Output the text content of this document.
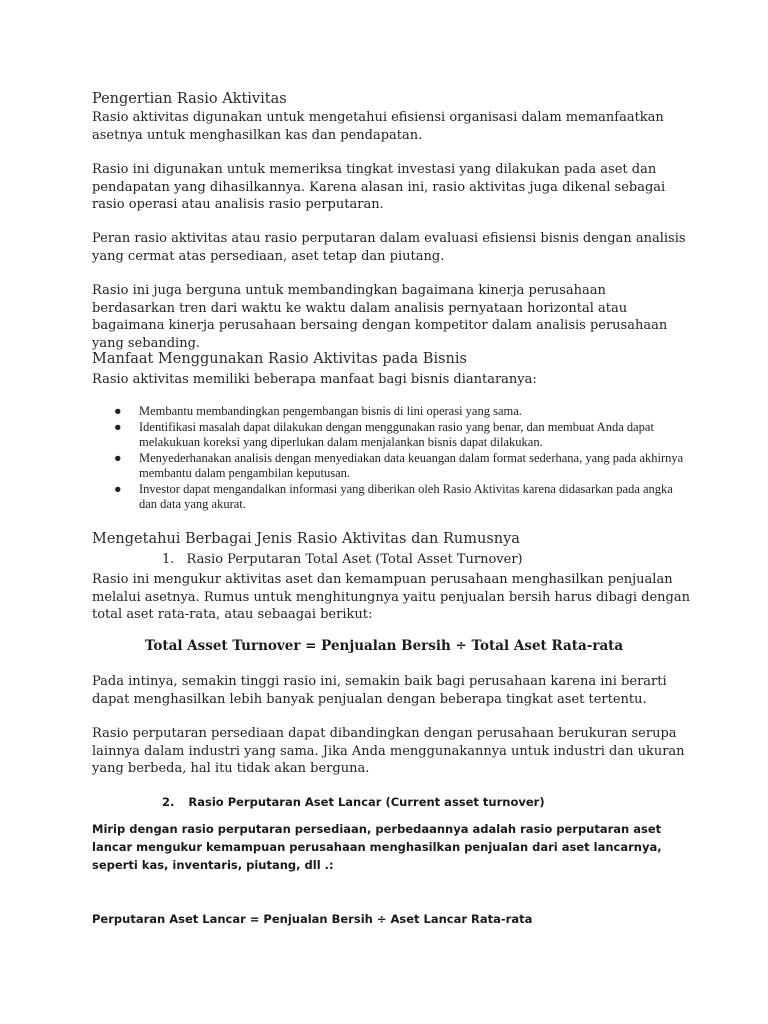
Pengertian Rasio Aktivitas

Rasio aktivitas digunakan untuk mengetahui efisiensi organisasi dalam memanfaatkan asetnya untuk menghasilkan kas dan pendapatan.

Rasio ini digunakan untuk memeriksa tingkat investasi yang dilakukan pada aset dan pendapatan yang dihasilkannya. Karena alasan ini, rasio aktivitas juga dikenal sebagai rasio operasi atau analisis rasio perputaran.

Peran rasio aktivitas atau rasio perputaran dalam evaluasi efisiensi bisnis dengan analisis yang cermat atas persediaan, aset tetap dan piutang.

Rasio ini juga berguna untuk membandingkan bagaimana kinerja perusahaan berdasarkan tren dari waktu ke waktu dalam analisis pernyataan horizontal atau bagaimana kinerja perusahaan bersaing dengan kompetitor dalam analisis perusahaan yang sebanding.

Manfaat Menggunakan Rasio Aktivitas pada Bisnis

Rasio aktivitas memiliki beberapa manfaat bagi bisnis diantaranya:

● Membantu membandingkan pengembangan bisnis di lini operasi yang sama.
● Identifikasi masalah dapat dilakukan dengan menggunakan rasio yang benar, dan membuat Anda dapat melakukuan koreksi yang diperlukan dalam menjalankan bisnis dapat dilakukan.
● Menyederhanakan analisis dengan menyediakan data keuangan dalam format sederhana, yang pada akhirnya membantu dalam pengambilan keputusan.
● Investor dapat mengandalkan informasi yang diberikan oleh Rasio Aktivitas karena didasarkan pada angka dan data yang akurat.
Mengetahui Berbagai Jenis Rasio Aktivitas dan Rumusnya

1. Rasio Perputaran Total Aset (Total Asset Turnover)

Rasio ini mengukur aktivitas aset dan kemampuan perusahaan menghasilkan penjualan melalui asetnya. Rumus untuk menghitungnya yaitu penjualan bersih harus dibagi dengan total aset rata-rata, atau sebaagai berikut:

Total Asset Turnover = Penjualan Bersih ÷ Total Aset Rata-rata

Pada intinya, semakin tinggi rasio ini, semakin baik bagi perusahaan karena ini berarti dapat menghasilkan lebih banyak penjualan dengan beberapa tingkat aset tertentu.

Rasio perputaran persediaan dapat dibandingkan dengan perusahaan berukuran serupa lainnya dalam industri yang sama. Jika Anda menggunakannya untuk industri dan ukuran yang berbeda, hal itu tidak akan berguna.

2. Rasio Perputaran Aset Lancar (Current asset turnover)

Mirip dengan rasio perputaran persediaan, perbedaannya adalah rasio perputaran aset lancar mengukur kemampuan perusahaan menghasilkan penjualan dari aset lancarnya, seperti kas, inventaris, piutang, dll .:

Perputaran Aset Lancar = Penjualan Bersih ÷ Aset Lancar Rata-rata
